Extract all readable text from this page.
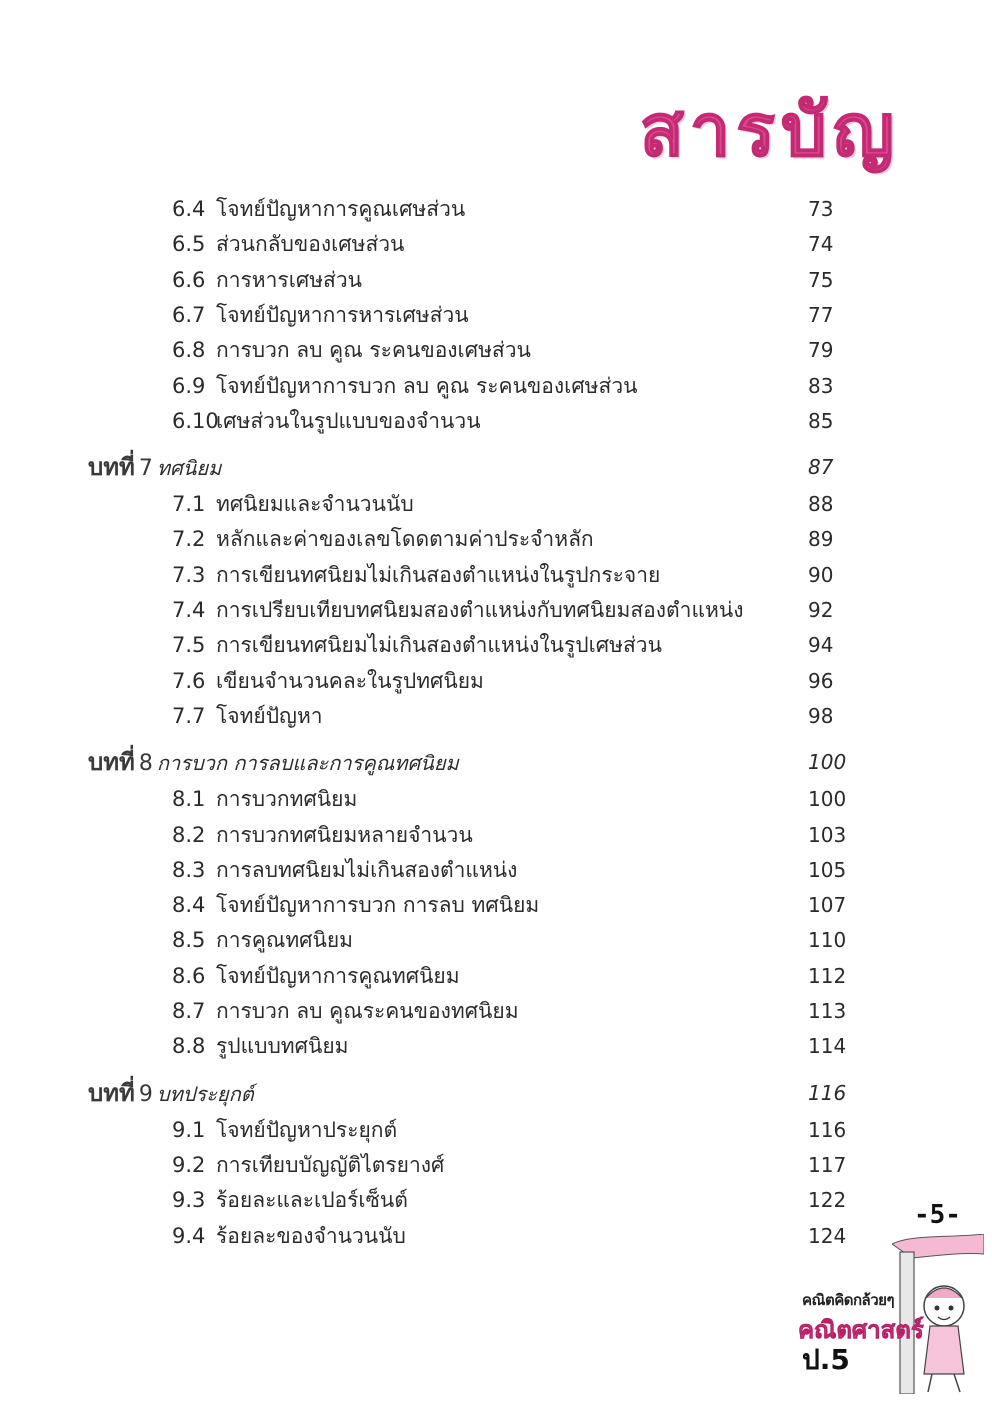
สารบัญ
6.4 โจทย์ปัญหาการคูณเศษส่วน	73
6.5 ส่วนกลับของเศษส่วน	74
6.6 การหารเศษส่วน	75
6.7 โจทย์ปัญหาการหารเศษส่วน	77
6.8 การบวก ลบ คูณ ระคนของเศษส่วน	79
6.9 โจทย์ปัญหาการบวก ลบ คูณ ระคนของเศษส่วน	83
6.10เศษส่วนในรูปแบบของจำนวน	85
บทที่ 7 ทศนิยม	87
7.1 ทศนิยมและจำนวนนับ	88
7.2 หลักและค่าของเลขโดดตามค่าประจำหลัก	89
7.3 การเขียนทศนิยมไม่เกินสองตำแหน่งในรูปกระจาย	90
7.4 การเปรียบเทียบทศนิยมสองตำแหน่งกับทศนิยมสองตำแหน่ง	92
7.5 การเขียนทศนิยมไม่เกินสองตำแหน่งในรูปเศษส่วน	94
7.6 เขียนจำนวนคละในรูปทศนิยม	96
7.7 โจทย์ปัญหา	98
บทที่ 8 การบวก การลบและการคูณทศนิยม	100
8.1 การบวกทศนิยม	100
8.2 การบวกทศนิยมหลายจำนวน	103
8.3 การลบทศนิยมไม่เกินสองตำแหน่ง	105
8.4 โจทย์ปัญหาการบวก การลบ ทศนิยม	107
8.5 การคูณทศนิยม	110
8.6 โจทย์ปัญหาการคูณทศนิยม	112
8.7 การบวก ลบ คูณระคนของทศนิยม	113
8.8 รูปแบบทศนิยม	114
บทที่ 9 บทประยุกต์	116
9.1 โจทย์ปัญหาประยุกต์	116
9.2 การเทียบบัญญัติไตรยางศ์	117
9.3 ร้อยละและเปอร์เซ็นต์	122
9.4 ร้อยละของจำนวนนับ	124
-5-
คณิตคิดกล้วยๆ
คณิตศาสตร์
ป.5
